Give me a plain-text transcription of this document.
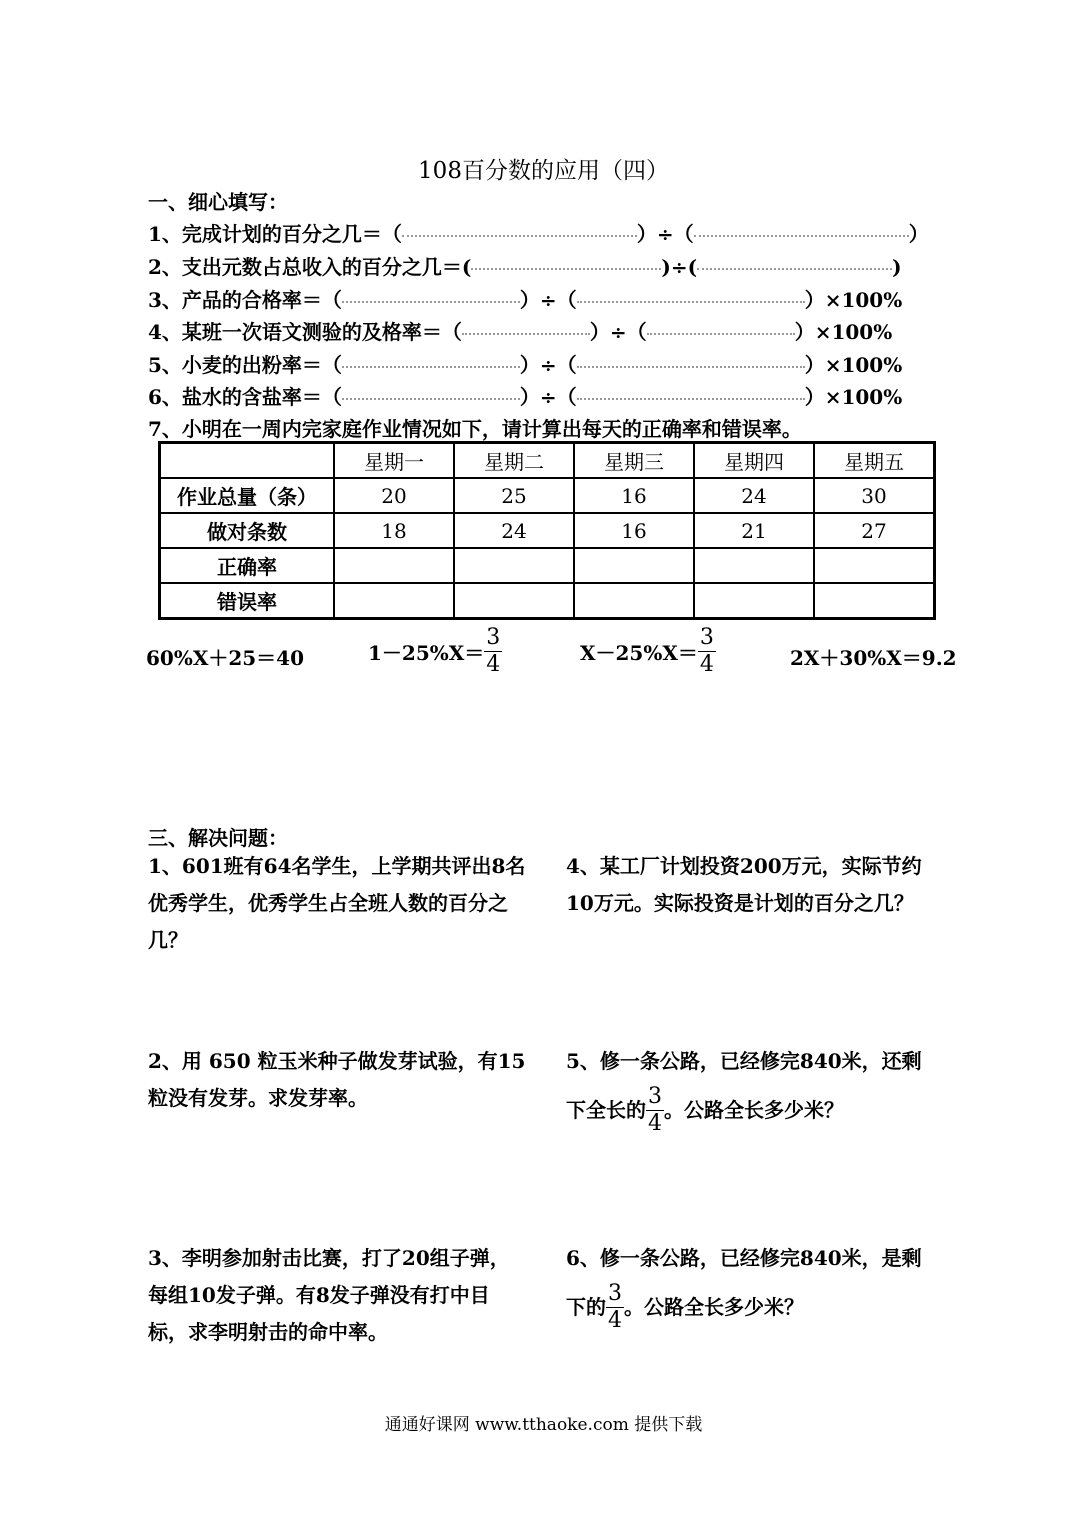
108百分数的应用（四）
一、细心填写：
1、完成计划的百分之几＝（	）÷（	）
2、支出元数占总收入的百分之几＝(	)÷(	)
3、产品的合格率＝（	）÷（	）×100%
4、某班一次语文测验的及格率＝（	）÷（	）×100%
5、小麦的出粉率＝（	）÷（	）×100%
6、盐水的含盐率＝（	）÷（	）×100%
7、小明在一周内完家庭作业情况如下，请计算出每天的正确率和错误率。
	星期一	星期二	星期三	星期四	星期五
作业总量（条）	20	25	16	24	30
做对条数	18	24	16	21	27
正确率					
错误率					
60%X＋25＝40	$1-25\%X= \frac{3}{4}$	$X-25\%X= \frac{3}{4}$	2X＋30%X＝9.2
三、解决问题：
1、601班有64名学生，上学期共评出8名优秀学生，优秀学生占全班人数的百分之几？
4、某工厂计划投资200万元，实际节约10万元。实际投资是计划的百分之几？
2、用 650 粒玉米种子做发芽试验，有15粒没有发芽。求发芽率。
5、修一条公路，已经修完840米，还剩
下全长的 $\frac{3}{4}$ 。公路全长多少米？
3、李明参加射击比赛，打了20组子弹，每组10发子弹。有8发子弹没有打中目标，求李明射击的命中率。
6、修一条公路，已经修完840米，是剩
下的 $\frac{3}{4}$ 。公路全长多少米？
通通好课网 www.tthaoke.com 提供下载
